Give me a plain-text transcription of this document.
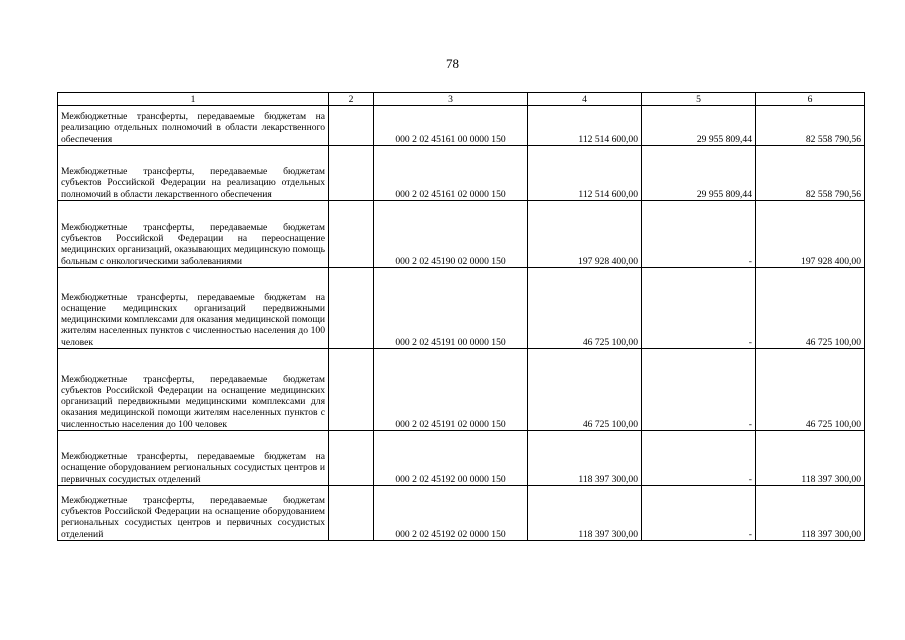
78
1	2	3	4	5	6
Межбюджетные трансферты, передаваемые бюджетам на реализацию отдельных полномочий в области лекарственного обеспечения		000 2 02 45161 00 0000 150	112 514 600,00	29 955 809,44	82 558 790,56
Межбюджетные трансферты, передаваемые бюджетам субъектов Российской Федерации на реализацию отдельных полномочий в области лекарственного обеспечения		000 2 02 45161 02 0000 150	112 514 600,00	29 955 809,44	82 558 790,56
Межбюджетные трансферты, передаваемые бюджетам субъектов Российской Федерации на переоснащение медицинских организаций, оказывающих медицинскую помощь больным с онкологическими заболеваниями		000 2 02 45190 02 0000 150	197 928 400,00	-	197 928 400,00
Межбюджетные трансферты, передаваемые бюджетам на оснащение медицинских организаций передвижными медицинскими комплексами для оказания медицинской помощи жителям населенных пунктов с численностью населения до 100 человек		000 2 02 45191 00 0000 150	46 725 100,00	-	46 725 100,00
Межбюджетные трансферты, передаваемые бюджетам субъектов Российской Федерации на оснащение медицинских организаций передвижными медицинскими комплексами для оказания медицинской помощи жителям населенных пунктов с численностью населения до 100 человек		000 2 02 45191 02 0000 150	46 725 100,00	-	46 725 100,00
Межбюджетные трансферты, передаваемые бюджетам на оснащение оборудованием региональных сосудистых центров и первичных сосудистых отделений		000 2 02 45192 00 0000 150	118 397 300,00	-	118 397 300,00
Межбюджетные трансферты, передаваемые бюджетам субъектов Российской Федерации на оснащение оборудованием региональных сосудистых центров и первичных сосудистых отделений		000 2 02 45192 02 0000 150	118 397 300,00	-	118 397 300,00
